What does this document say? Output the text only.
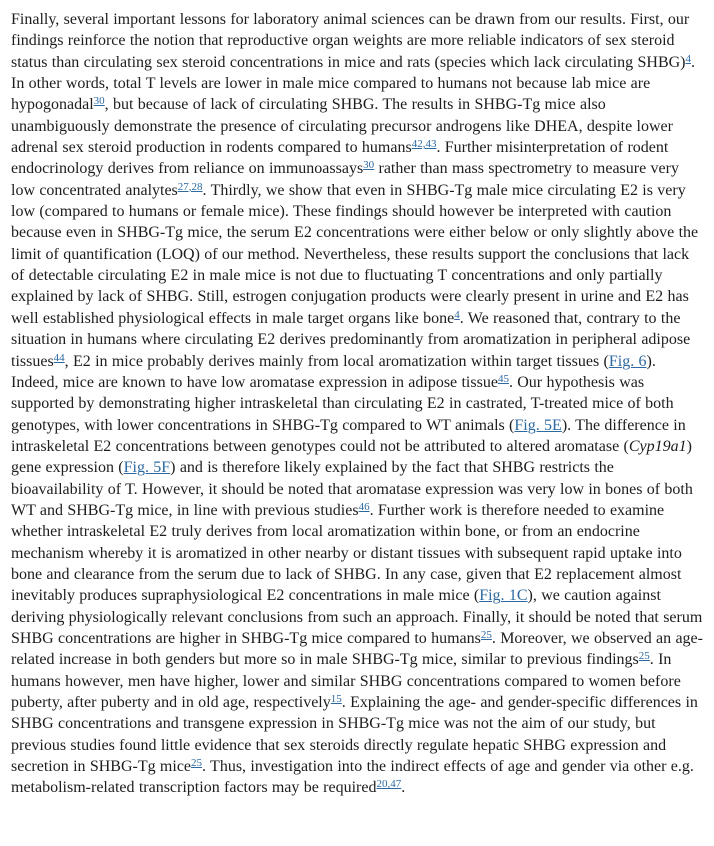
Finally, several important lessons for laboratory animal sciences can be drawn from our results. First, our findings reinforce the notion that reproductive organ weights are more reliable indicators of sex steroid status than circulating sex steroid concentrations in mice and rats (species which lack circulating SHBG)$^4$. In other words, total T levels are lower in male mice compared to humans not because lab mice are hypogonadal$^{30}$, but because of lack of circulating SHBG. The results in SHBG-Tg mice also unambiguously demonstrate the presence of circulating precursor androgens like DHEA, despite lower adrenal sex steroid production in rodents compared to humans$^{42,43}$. Further misinterpretation of rodent endocrinology derives from reliance on immunoassays$^{30}$ rather than mass spectrometry to measure very low concentrated analytes$^{27,28}$. Thirdly, we show that even in SHBG-Tg male mice circulating E2 is very low (compared to humans or female mice). These findings should however be interpreted with caution because even in SHBG-Tg mice, the serum E2 concentrations were either below or only slightly above the limit of quantification (LOQ) of our method. Nevertheless, these results support the conclusions that lack of detectable circulating E2 in male mice is not due to fluctuating T concentrations and only partially explained by lack of SHBG. Still, estrogen conjugation products were clearly present in urine and E2 has well established physiological effects in male target organs like bone$^4$. We reasoned that, contrary to the situation in humans where circulating E2 derives predominantly from aromatization in peripheral adipose tissues$^{44}$, E2 in mice probably derives mainly from local aromatization within target tissues (Fig. 6). Indeed, mice are known to have low aromatase expression in adipose tissue$^{45}$. Our hypothesis was supported by demonstrating higher intraskeletal than circulating E2 in castrated, T-treated mice of both genotypes, with lower concentrations in SHBG-Tg compared to WT animals (Fig. 5E). The difference in intraskeletal E2 concentrations between genotypes could not be attributed to altered aromatase (Cyp19a1) gene expression (Fig. 5F) and is therefore likely explained by the fact that SHBG restricts the bioavailability of T. However, it should be noted that aromatase expression was very low in bones of both WT and SHBG-Tg mice, in line with previous studies$^{46}$. Further work is therefore needed to examine whether intraskeletal E2 truly derives from local aromatization within bone, or from an endocrine mechanism whereby it is aromatized in other nearby or distant tissues with subsequent rapid uptake into bone and clearance from the serum due to lack of SHBG. In any case, given that E2 replacement almost inevitably produces supraphysiological E2 concentrations in male mice (Fig. 1C), we caution against deriving physiologically relevant conclusions from such an approach. Finally, it should be noted that serum SHBG concentrations are higher in SHBG-Tg mice compared to humans$^{25}$. Moreover, we observed an age-related increase in both genders but more so in male SHBG-Tg mice, similar to previous findings$^{25}$. In humans however, men have higher, lower and similar SHBG concentrations compared to women before puberty, after puberty and in old age, respectively$^{15}$. Explaining the age- and gender-specific differences in SHBG concentrations and transgene expression in SHBG-Tg mice was not the aim of our study, but previous studies found little evidence that sex steroids directly regulate hepatic SHBG expression and secretion in SHBG-Tg mice$^{25}$. Thus, investigation into the indirect effects of age and gender via other e.g. metabolism-related transcription factors may be required$^{20,47}$.
